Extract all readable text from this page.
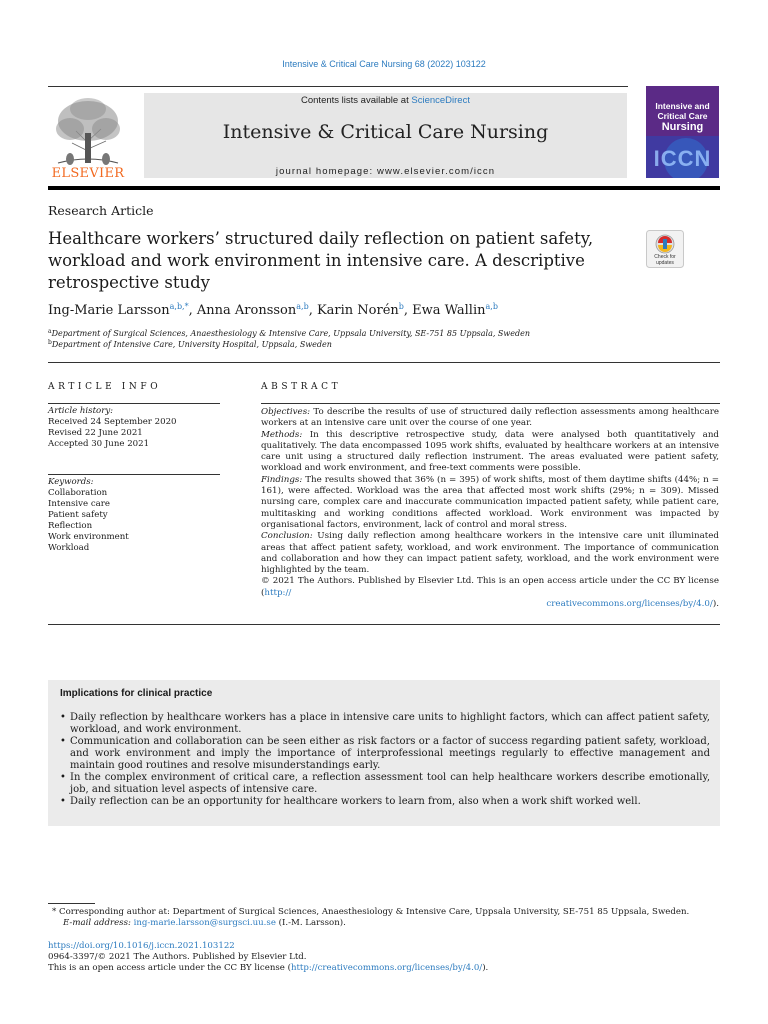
Intensive & Critical Care Nursing 68 (2022) 103122
ELSEVIER
Contents lists available at ScienceDirect
Intensive & Critical Care Nursing
journal homepage: www.elsevier.com/iccn
Intensive and
Critical Care
Nursing
ICCN
Research Article
Healthcare workers’ structured daily reflection on patient safety, workload and work environment in intensive care. A descriptive retrospective study
Check for
updates
Ing-Marie Larsson$^{a,b,*}$, Anna Aronsson$^{a,b}$, Karin Norén$^b$, Ewa Wallin$^{a,b}$
$^a$Department of Surgical Sciences, Anaesthesiology & Intensive Care, Uppsala University, SE-751 85 Uppsala, Sweden
$^b$Department of Intensive Care, University Hospital, Uppsala, Sweden
ARTICLE INFO
Article history:
Received 24 September 2020
Revised 22 June 2021
Accepted 30 June 2021
Keywords:
Collaboration
Intensive care
Patient safety
Reflection
Work environment
Workload
ABSTRACT

Objectives: To describe the results of use of structured daily reflection assessments among healthcare workers at an intensive care unit over the course of one year.

Methods: In this descriptive retrospective study, data were analysed both quantitatively and qualitatively. The data encompassed 1095 work shifts, evaluated by healthcare workers at an intensive care unit using a structured daily reflection instrument. The areas evaluated were patient safety, workload and work environment, and free-text comments were possible.

Findings: The results showed that 36% (n = 395) of work shifts, most of them daytime shifts (44%; n = 161), were affected. Workload was the area that affected most work shifts (29%; n = 309). Missed nursing care, complex care and inaccurate communication impacted patient safety, while patient care, multitasking and working conditions affected workload. Work environment was impacted by organisational factors, environment, lack of control and moral stress.

Conclusion: Using daily reflection among healthcare workers in the intensive care unit illuminated areas that affect patient safety, workload, and work environment. The importance of communication and collaboration and how they can impact patient safety, workload, and the work environment were highlighted by the team.

© 2021 The Authors. Published by Elsevier Ltd. This is an open access article under the CC BY license (http://

creativecommons.org/licenses/by/4.0/).

Implications for clinical practice
• Daily reflection by healthcare workers has a place in intensive care units to highlight factors, which can affect patient safety, workload, and work environment.
• Communication and collaboration can be seen either as risk factors or a factor of success regarding patient safety, workload, and work environment and imply the importance of interprofessional meetings regularly to effective management and maintain good routines and resolve misunderstandings early.
• In the complex environment of critical care, a reflection assessment tool can help healthcare workers describe emotionally, job, and situation level aspects of intensive care.
• Daily reflection can be an opportunity for healthcare workers to learn from, also when a work shift worked well.
* Corresponding author at: Department of Surgical Sciences, Anaesthesiology & Intensive Care, Uppsala University, SE-751 85 Uppsala, Sweden.
E-mail address: ing-marie.larsson@surgsci.uu.se (I.-M. Larsson).
https://doi.org/10.1016/j.iccn.2021.103122
0964-3397/© 2021 The Authors. Published by Elsevier Ltd.
This is an open access article under the CC BY license (http://creativecommons.org/licenses/by/4.0/).
